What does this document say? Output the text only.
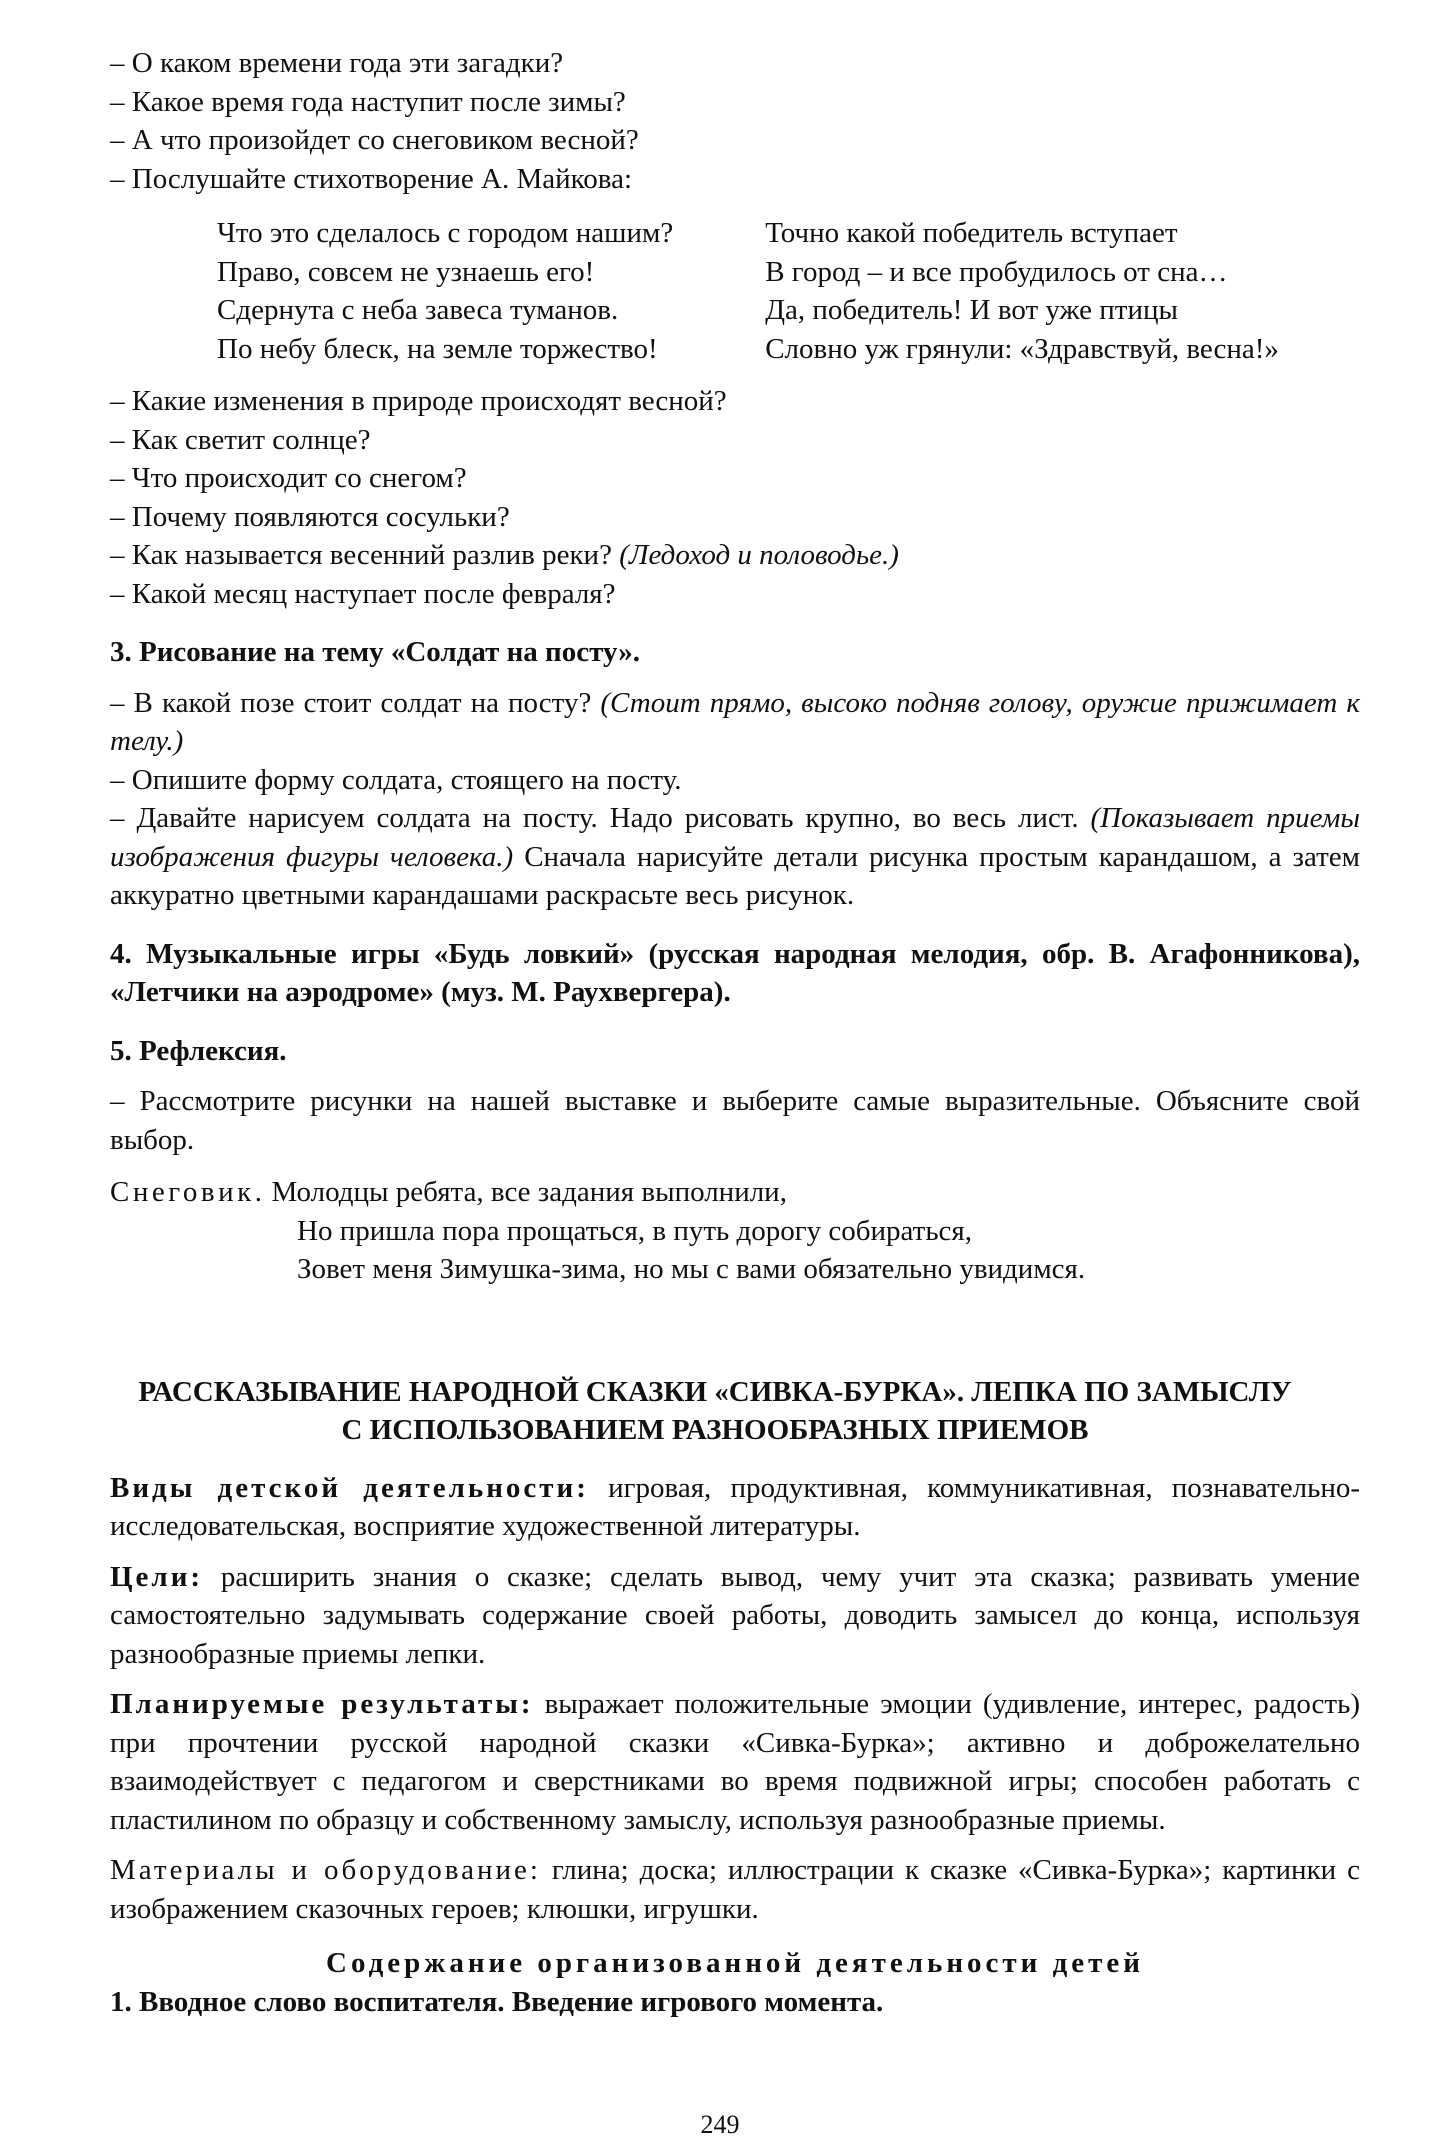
– О каком времени года эти загадки?
– Какое время года наступит после зимы?
– А что произойдет со снеговиком весной?
– Послушайте стихотворение А. Майкова:
Что это сделалось с городом нашим?
Право, совсем не узнаешь его!
Сдернута с неба завеса туманов.
По небу блеск, на земле торжество!
Точно какой победитель вступает
В город – и все пробудилось от сна…
Да, победитель! И вот уже птицы
Словно уж грянули: «Здравствуй, весна!»
– Какие изменения в природе происходят весной?
– Как светит солнце?
– Что происходит со снегом?
– Почему появляются сосульки?
– Как называется весенний разлив реки? (Ледоход и половодье.)
– Какой месяц наступает после февраля?
3. Рисование на тему «Солдат на посту».
– В какой позе стоит солдат на посту? (Стоит прямо, высоко подняв голову, оружие прижимает к телу.)
– Опишите форму солдата, стоящего на посту.
– Давайте нарисуем солдата на посту. Надо рисовать крупно, во весь лист. (Показывает приемы изображения фигуры человека.) Сначала нарисуйте детали рисунка простым карандашом, а затем аккуратно цветными карандашами раскрасьте весь рисунок.
4. Музыкальные игры «Будь ловкий» (русская народная мелодия, обр. В. Агафонникова), «Летчики на аэродроме» (муз. М. Раухвергера).
5. Рефлексия.
– Рассмотрите рисунки на нашей выставке и выберите самые выразительные. Объясните свой выбор.
Снеговик. Молодцы ребята, все задания выполнили,
Но пришла пора прощаться, в путь дорогу собираться,
Зовет меня Зимушка-зима, но мы с вами обязательно увидимся.
РАССКАЗЫВАНИЕ НАРОДНОЙ СКАЗКИ «СИВКА-БУРКА». ЛЕПКА ПО ЗАМЫСЛУ
С ИСПОЛЬЗОВАНИЕМ РАЗНООБРАЗНЫХ ПРИЕМОВ
Виды детской деятельности: игровая, продуктивная, коммуникативная, познавательно-исследовательская, восприятие художественной литературы.
Цели: расширить знания о сказке; сделать вывод, чему учит эта сказка; развивать умение самостоятельно задумывать содержание своей работы, доводить замысел до конца, используя разнообразные приемы лепки.
Планируемые результаты: выражает положительные эмоции (удивление, интерес, радость) при прочтении русской народной сказки «Сивка-Бурка»; активно и доброжелательно взаимодействует с педагогом и сверстниками во время подвижной игры; способен работать с пластилином по образцу и собственному замыслу, используя разнообразные приемы.
Материалы и оборудование: глина; доска; иллюстрации к сказке «Сивка-Бурка»; картинки с изображением сказочных героев; клюшки, игрушки.
Содержание организованной деятельности детей
1. Вводное слово воспитателя. Введение игрового момента.
249
